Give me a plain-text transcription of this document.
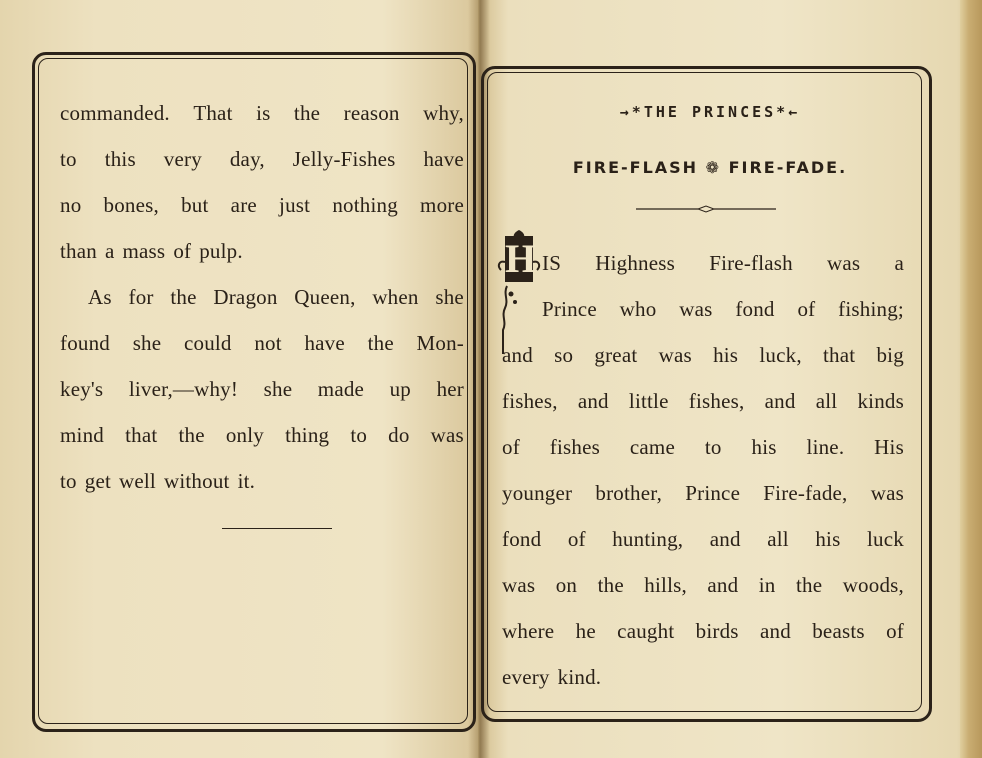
commanded. That is the reason why,
to this very day, Jelly-Fishes have
no bones, but are just nothing more
than a mass of pulp.
As for the Dragon Queen, when she
found she could not have the Mon-
key's liver,—why! she made up her
mind that the only thing to do was
to get well without it.
→*THE PRINCES*←
FIRE-FLASH ❁ FIRE-FADE.
H IS Highness Fire-flash was a
Prince who was fond of fishing;
and so great was his luck, that big
fishes, and little fishes, and all kinds
of fishes came to his line. His
younger brother, Prince Fire-fade, was
fond of hunting, and all his luck
was on the hills, and in the woods,
where he caught birds and beasts of
every kind.
